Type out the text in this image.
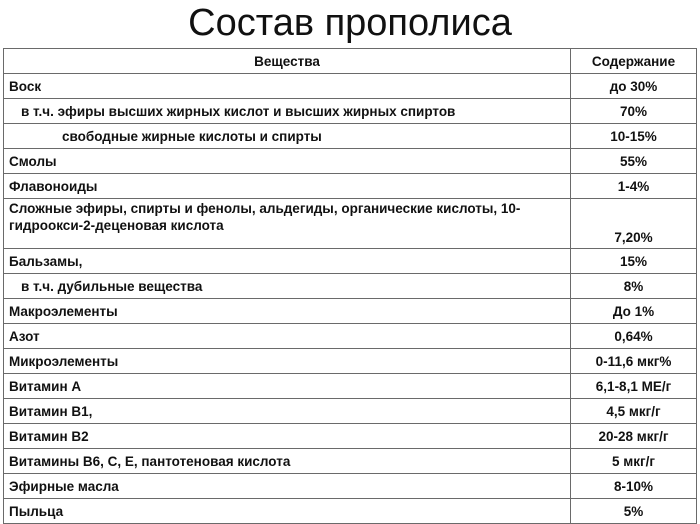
Состав прополиса
Вещества	Содержание
Воск	до 30%
в т.ч. эфиры высших жирных кислот и высших жирных спиртов	70%
свободные жирные кислоты и спирты	10-15%
Смолы	55%
Флавоноиды	1-4%
Сложные эфиры, спирты и фенолы, альдегиды, органические кислоты, 10-гидроокси-2-деценовая кислота	7,20%
Бальзамы,	15%
в т.ч. дубильные вещества	8%
Макроэлементы	До 1%
Азот	0,64%
Микроэлементы	0-11,6 мкг%
Витамин А	6,1-8,1 МЕ/г
Витамин В1,	4,5 мкг/г
Витамин В2	20-28 мкг/г
Витамины В6, С, Е, пантотеновая кислота	5 мкг/г
Эфирные масла	8-10%
Пыльца	5%
